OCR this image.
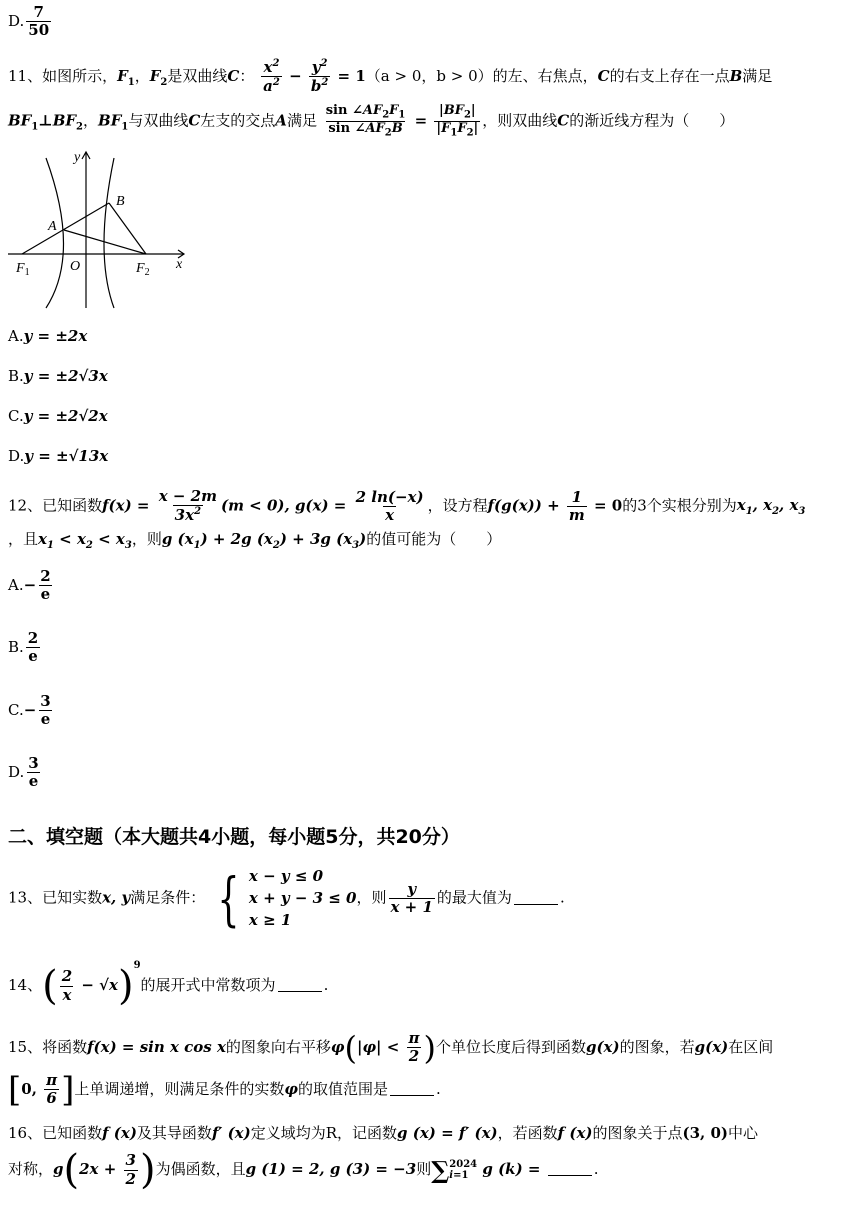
D. $\frac{7}{50}$
11、如图所示，$F_1$，$F_2$是双曲线C： $\frac{x^2}{a^2} - \frac{y^2}{b^2} = 1(a > 0$，b > 0）的左、右焦点，C的右支上存在一点B满足
$BF_1\perp BF_2$，$BF_1$与双曲线C左支的交点A满足 $\frac{\sin \angle AF_2F_1}{\sin \angle AF_2B} = \frac{|BF_2|}{|F_1F_2|}$ ，则双曲线C的渐近线方程为（　　）
y
x
A
B
O
$F_1$	$F_2$
A.y = ±2x
B.y = ±2√3x
C.y = ±2√2x
D.y = ±√13x
12、已知函数$f(x) = \frac{x - 2m}{3x^2} (m < 0)$, $g(x) = \frac{2 \ln(-x)}{x}$ ，设方程$f(g(x)) + \frac{1}{m} = 0$的3个实根分别为$x_1$, $x_2$, $x_3$
，且$x_1 < x_2 < x_3$，则g $(x_1) + 2g$ $(x_2) + 3g$ $(x_3)$的值可能为（　　）
$A.- \frac{2}{e}$
B. $\frac{2}{e}$
$C.- \frac{3}{e}$
D. $\frac{3}{e}$
二、填空题（本大题共4小题，每小题5分，共20分）
13、已知实数x, y满足条件： { x − y ≤ 0
x + y − 3 ≤ 0
x ≥ 1
，则 $\frac{y}{x + 1}$ 的最大值为	.
14、( $\frac{2}{x} - √x)^9$的展开式中常数项为	.
15、将函数f(x) = sin x cos x的图象向右平移$\varphi(|\varphi| < \frac{\pi}{2}$ )个单位长度后得到函数g(x)的图象，若g(x)在区间
[0, $\frac{\pi}{6}$ ]上单调递增，则满足条件的实数φ的取值范围是	.
16、已知函数f (x)及其导函数f′ (x)定义域均为R，记函数g (x) = f′ (x)，若函数f (x)的图象关于点(3, 0)中心
对称，$g(2x + \frac{3}{2}$ )为偶函数，且g (1) = 2, g (3) = −3则∑ 2024
i=1 g (k) =	.
